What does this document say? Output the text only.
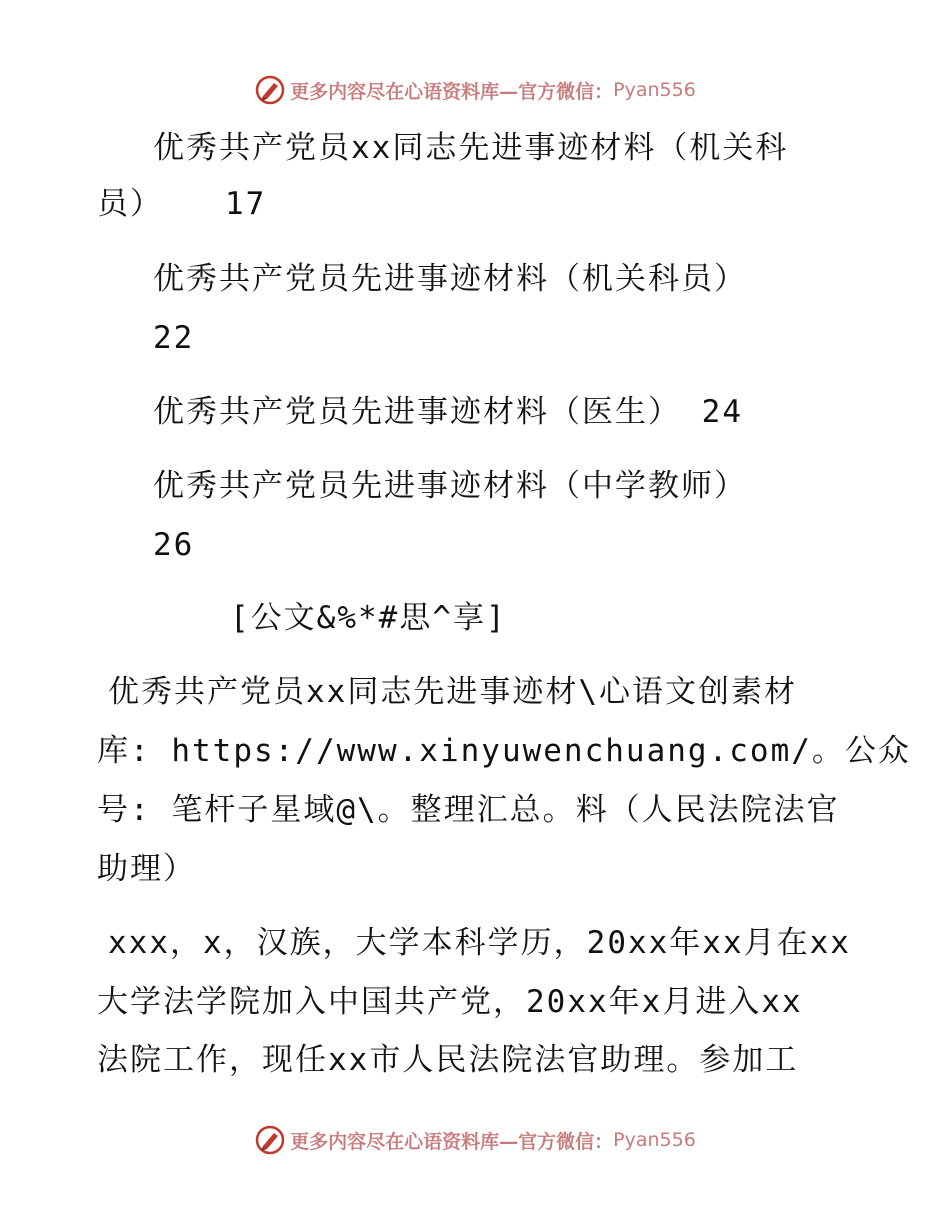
更多内容尽在心语资料库—官方微信： Pyan556
优秀共产党员xx同志先进事迹材料（机关科
员）   17
优秀共产党员先进事迹材料（机关科员）
22
优秀共产党员先进事迹材料（医生） 24
优秀共产党员先进事迹材料（中学教师）
26
[公文&%*#思^享]
优秀共产党员xx同志先进事迹材\心语文创素材
库: https://www.xinyuwenchuang.com/。公众
号: 笔杆子星域@\。整理汇总。料（人民法院法官
助理）
xxx，x，汉族，大学本科学历，20xx年xx月在xx
大学法学院加入中国共产党，20xx年x月进入xx
法院工作，现任xx市人民法院法官助理。参加工
更多内容尽在心语资料库—官方微信： Pyan556
